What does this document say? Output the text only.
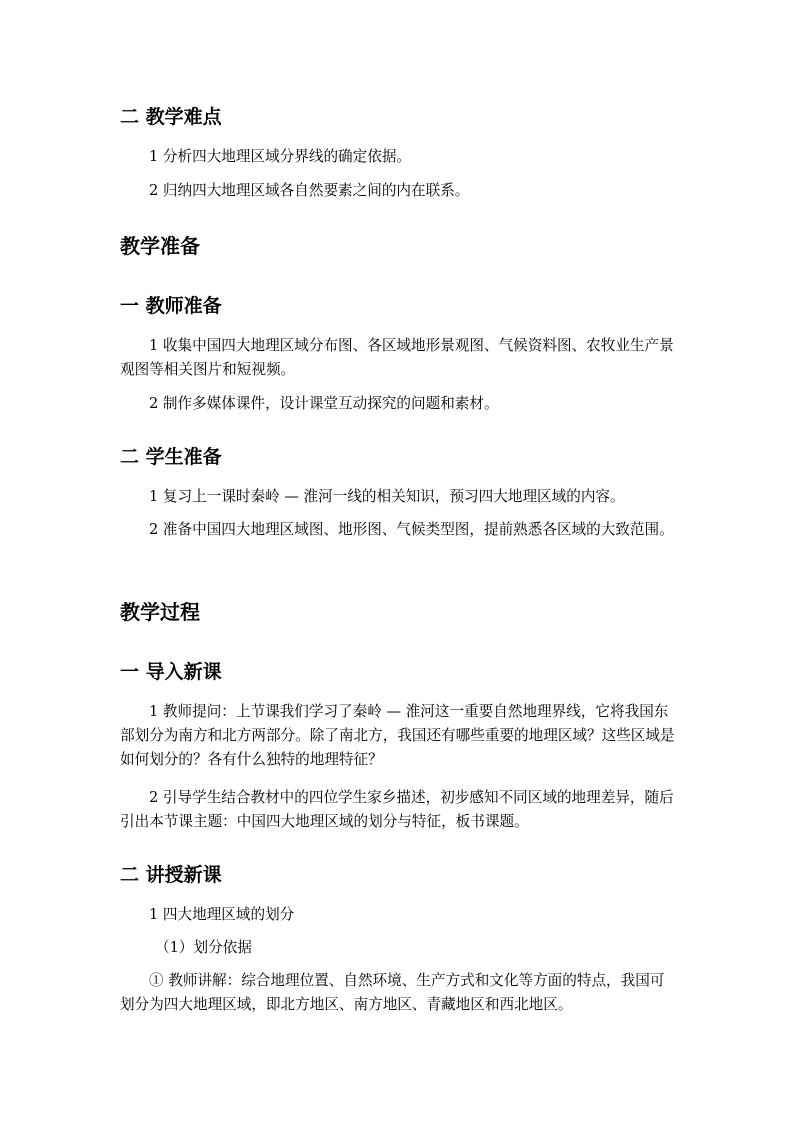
二 教学难点
1 分析四大地理区域分界线的确定依据。
2 归纳四大地理区域各自然要素之间的内在联系。
教学准备
一 教师准备
1 收集中国四大地理区域分布图、各区域地形景观图、气候资料图、农牧业生产景观图等相关图片和短视频。
2 制作多媒体课件，设计课堂互动探究的问题和素材。
二 学生准备
1 复习上一课时秦岭 — 淮河一线的相关知识，预习四大地理区域的内容。
2 准备中国四大地理区域图、地形图、气候类型图，提前熟悉各区域的大致范围。
教学过程
一 导入新课
1 教师提问：上节课我们学习了秦岭 — 淮河这一重要自然地理界线，它将我国东部划分为南方和北方两部分。除了南北方，我国还有哪些重要的地理区域？这些区域是如何划分的？各有什么独特的地理特征？
2 引导学生结合教材中的四位学生家乡描述，初步感知不同区域的地理差异，随后引出本节课主题：中国四大地理区域的划分与特征，板书课题。
二 讲授新课
1 四大地理区域的划分
（1）划分依据
① 教师讲解：综合地理位置、自然环境、生产方式和文化等方面的特点，我国可划分为四大地理区域，即北方地区、南方地区、青藏地区和西北地区。
